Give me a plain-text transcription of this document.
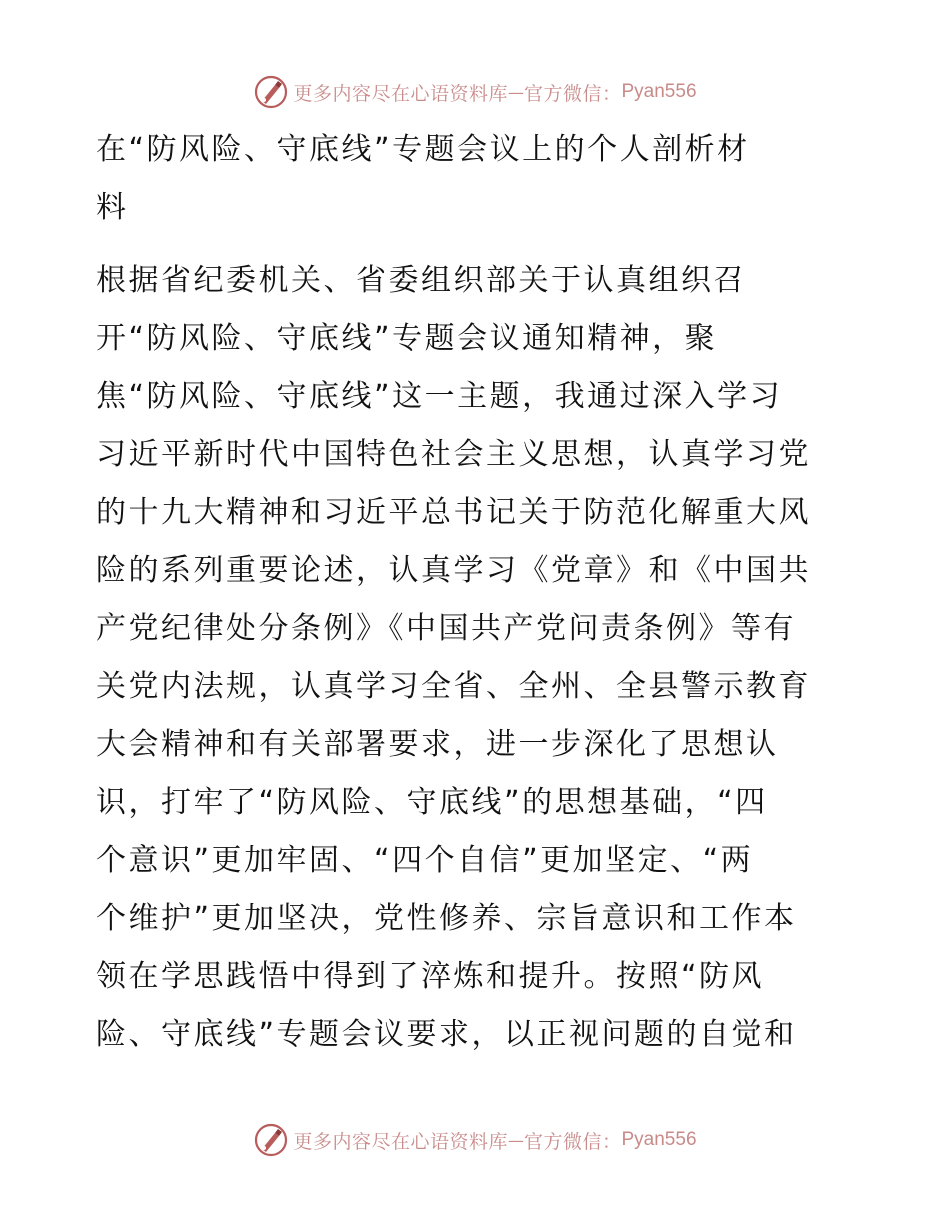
更多内容尽在心语资料库 — 官方微信： Pyan556
在“防风险、守底线”专题会议上的个人剖析材
料
根据省纪委机关、省委组织部关于认真组织召
开“防风险、守底线”专题会议通知精神，聚
焦“防风险、守底线”这一主题，我通过深入学习
习近平新时代中国特色社会主义思想，认真学习党
的十九大精神和习近平总书记关于防范化解重大风
险的系列重要论述，认真学习《党章》和《中国共
产党纪律处分条例》《中国共产党问责条例》等有
关党内法规，认真学习全省、全州、全县警示教育
大会精神和有关部署要求，进一步深化了思想认
识，打牢了“防风险、守底线”的思想基础，“四
个意识”更加牢固、“四个自信”更加坚定、“两
个维护”更加坚决，党性修养、宗旨意识和工作本
领在学思践悟中得到了淬炼和提升。按照“防风
险、守底线”专题会议要求，以正视问题的自觉和
更多内容尽在心语资料库 — 官方微信： Pyan556
